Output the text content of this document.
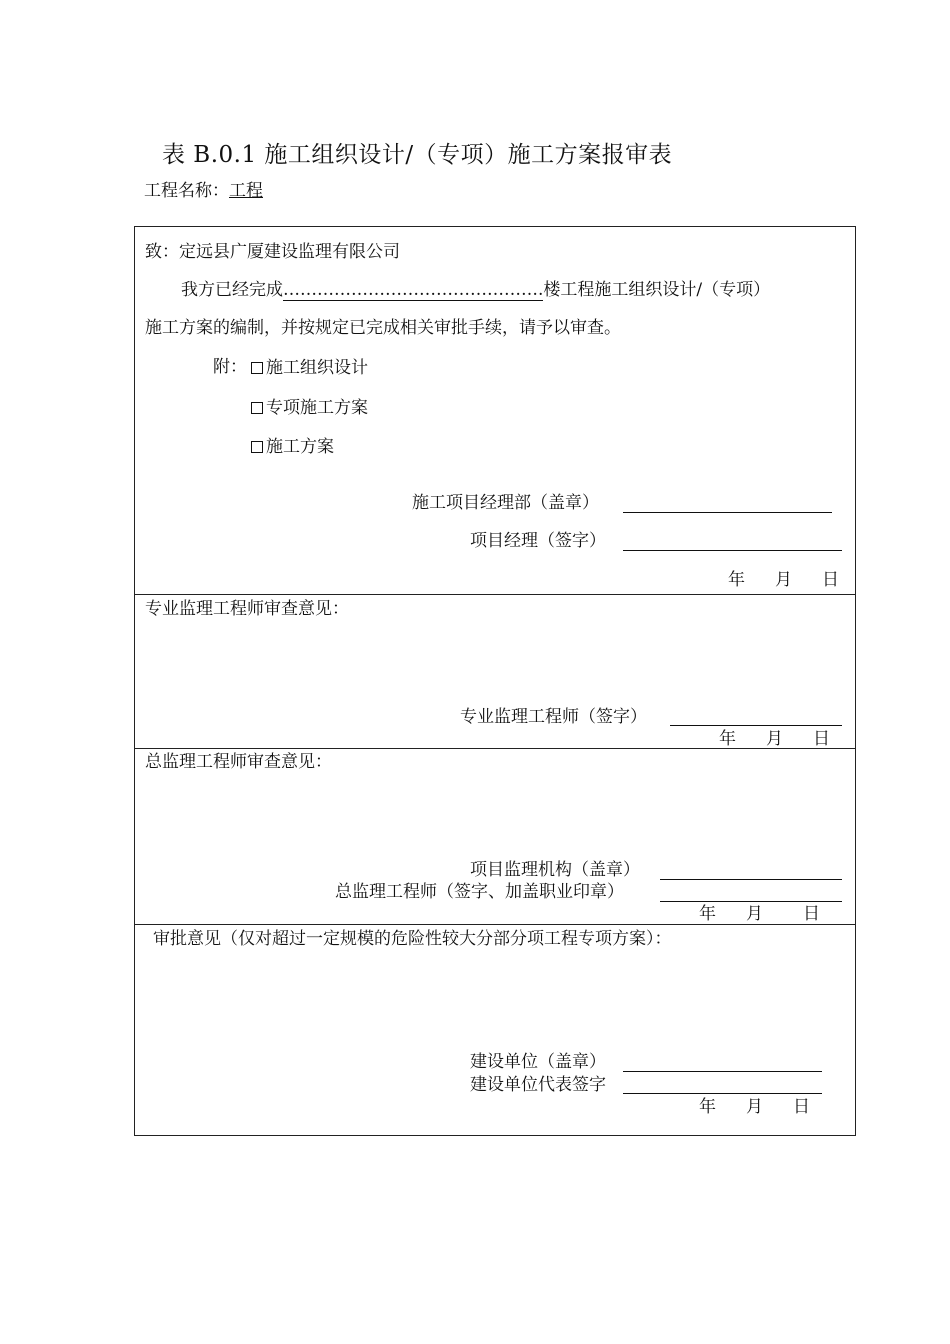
表 B.0.1 施工组织设计/（专项）施工方案报审表
工程名称：工程
致：定远县广厦建设监理有限公司
我方已经完成……………………………………….楼工程施工组织设计/（专项）
施工方案的编制，并按规定已完成相关审批手续，请予以审查。
附：	施工组织设计
专项施工方案
施工方案
施工项目经理部（盖章）
项目经理（签字）
年 月 日
专业监理工程师审查意见：
专业监理工程师（签字）
年 月 日
总监理工程师审查意见：
项目监理机构（盖章）
总监理工程师（签字、加盖职业印章）
年 月 日
审批意见（仅对超过一定规模的危险性较大分部分项工程专项方案）：
建设单位（盖章）
建设单位代表签字
年 月 日
